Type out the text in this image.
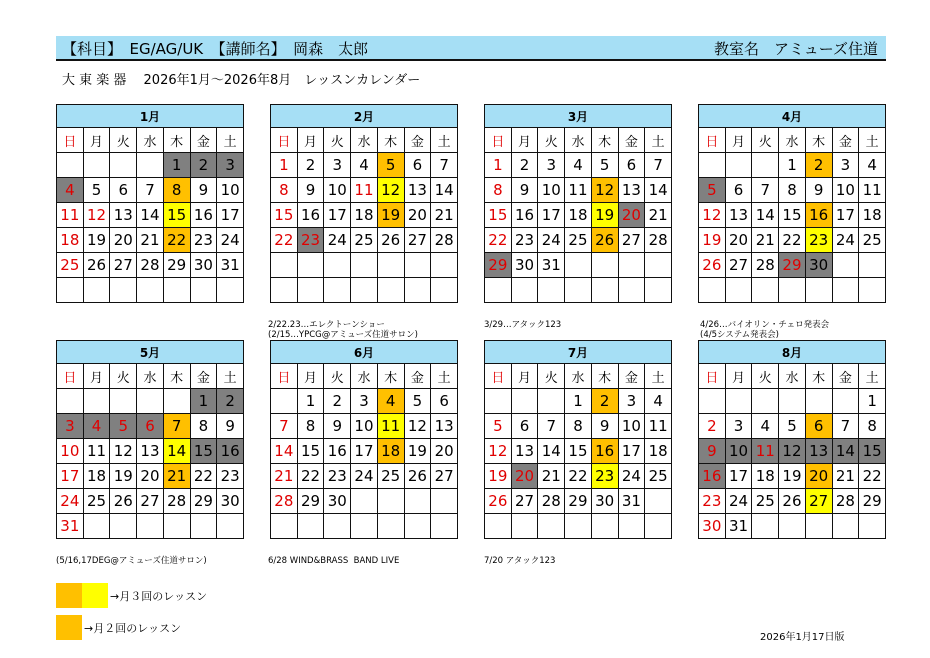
【科目】　EG/AG/UK　【講師名】　岡森　太郎	教室名　アミューズ住道
大 東 楽 器　 2026年1月～2026年8月　レッスンカレンダー
1月						
日	月	火	水	木	金	土
				1	2	3
4	5	6	7	8	9	10
11	12	13	14	15	16	17
18	19	20	21	22	23	24
25	26	27	28	29	30	31

2月						
日	月	火	水	木	金	土
1	2	3	4	5	6	7
8	9	10	11	12	13	14
15	16	17	18	19	20	21
22	23	24	25	26	27	28

3月						
日	月	火	水	木	金	土
1	2	3	4	5	6	7
8	9	10	11	12	13	14
15	16	17	18	19	20	21
22	23	24	25	26	27	28
29	30	31				

4月						
日	月	火	水	木	金	土
			1	2	3	4
5	6	7	8	9	10	11
12	13	14	15	16	17	18
19	20	21	22	23	24	25
26	27	28	29	30		

5月						
日	月	火	水	木	金	土
					1	2
3	4	5	6	7	8	9
10	11	12	13	14	15	16
17	18	19	20	21	22	23
24	25	26	27	28	29	30
31						
6月						
日	月	火	水	木	金	土
	1	2	3	4	5	6
7	8	9	10	11	12	13
14	15	16	17	18	19	20
21	22	23	24	25	26	27
28	29	30				

7月						
日	月	火	水	木	金	土
			1	2	3	4
5	6	7	8	9	10	11
12	13	14	15	16	17	18
19	20	21	22	23	24	25
26	27	28	29	30	31	

8月						
日	月	火	水	木	金	土
						1
2	3	4	5	6	7	8
9	10	11	12	13	14	15
16	17	18	19	20	21	22
23	24	25	26	27	28	29
30	31					
2/22.23…エレクトーンショー
(2/15…YPCG@アミューズ住道サロン)
3/29…アタック123	4/26…バイオリン・チェロ発表会
(4/5システム発表会)
(5/16,17DEG@アミューズ住道サロン)	6/28 WIND&BRASS  BAND LIVE	7/20 アタック123
→月３回のレッスン
→月２回のレッスン
2026年1月17日版
